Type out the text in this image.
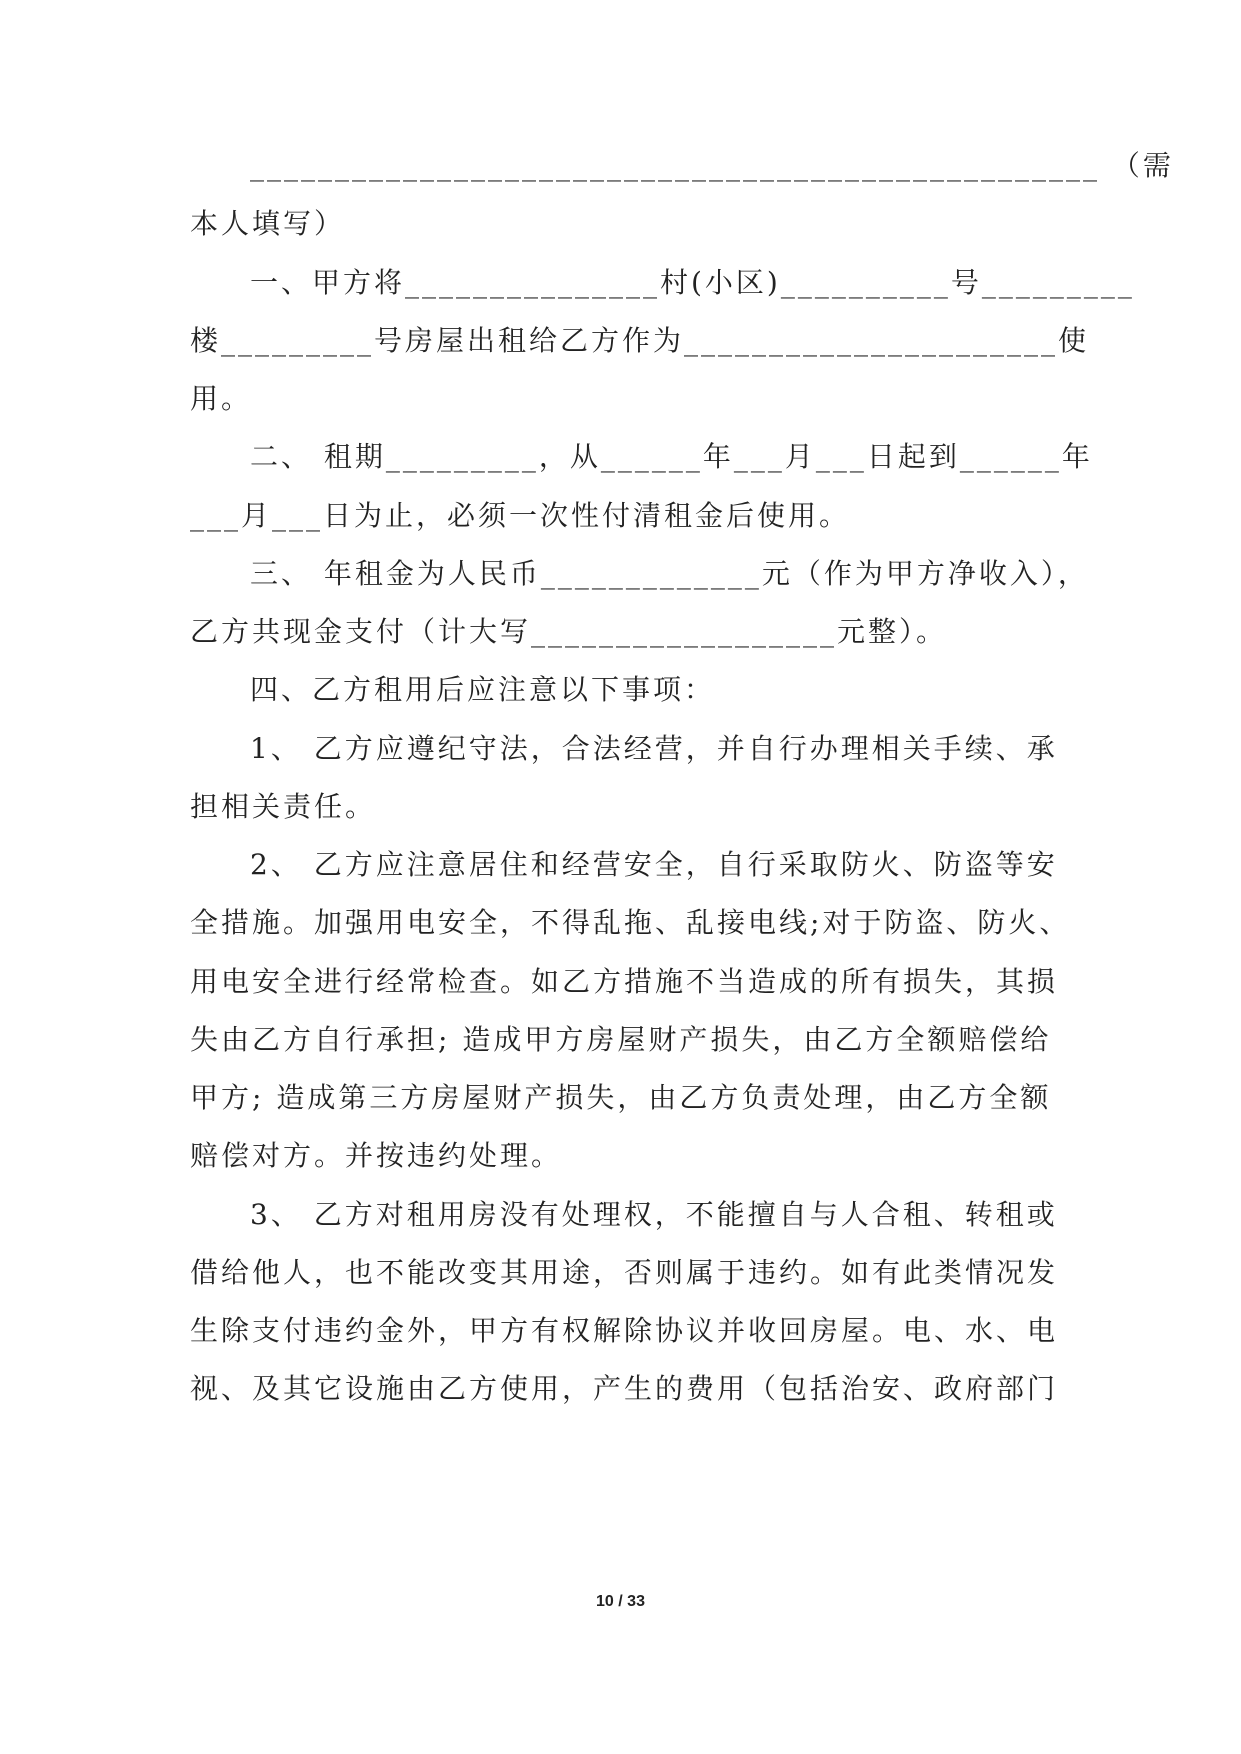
__________________________________________________ （需

本人填写）

一、甲方将_______________村(小区)__________号_________

楼_________号房屋出租给乙方作为______________________使

用。

二、 租期_________，从______年___月___日起到______年

___月___日为止，必须一次性付清租金后使用。

三、 年租金为人民币_____________元（作为甲方净收入），

乙方共现金支付（计大写__________________元整）。

四、乙方租用后应注意以下事项：

1、 乙方应遵纪守法，合法经营，并自行办理相关手续、承

担相关责任。

2、 乙方应注意居住和经营安全，自行采取防火、防盗等安

全措施。加强用电安全，不得乱拖、乱接电线;对于防盗、防火、

用电安全进行经常检查。如乙方措施不当造成的所有损失，其损

失由乙方自行承担; 造成甲方房屋财产损失，由乙方全额赔偿给

甲方; 造成第三方房屋财产损失，由乙方负责处理，由乙方全额

赔偿对方。并按违约处理。

3、 乙方对租用房没有处理权，不能擅自与人合租、转租或

借给他人，也不能改变其用途，否则属于违约。如有此类情况发

生除支付违约金外，甲方有权解除协议并收回房屋。电、水、电

视、及其它设施由乙方使用，产生的费用（包括治安、政府部门

10 / 33
